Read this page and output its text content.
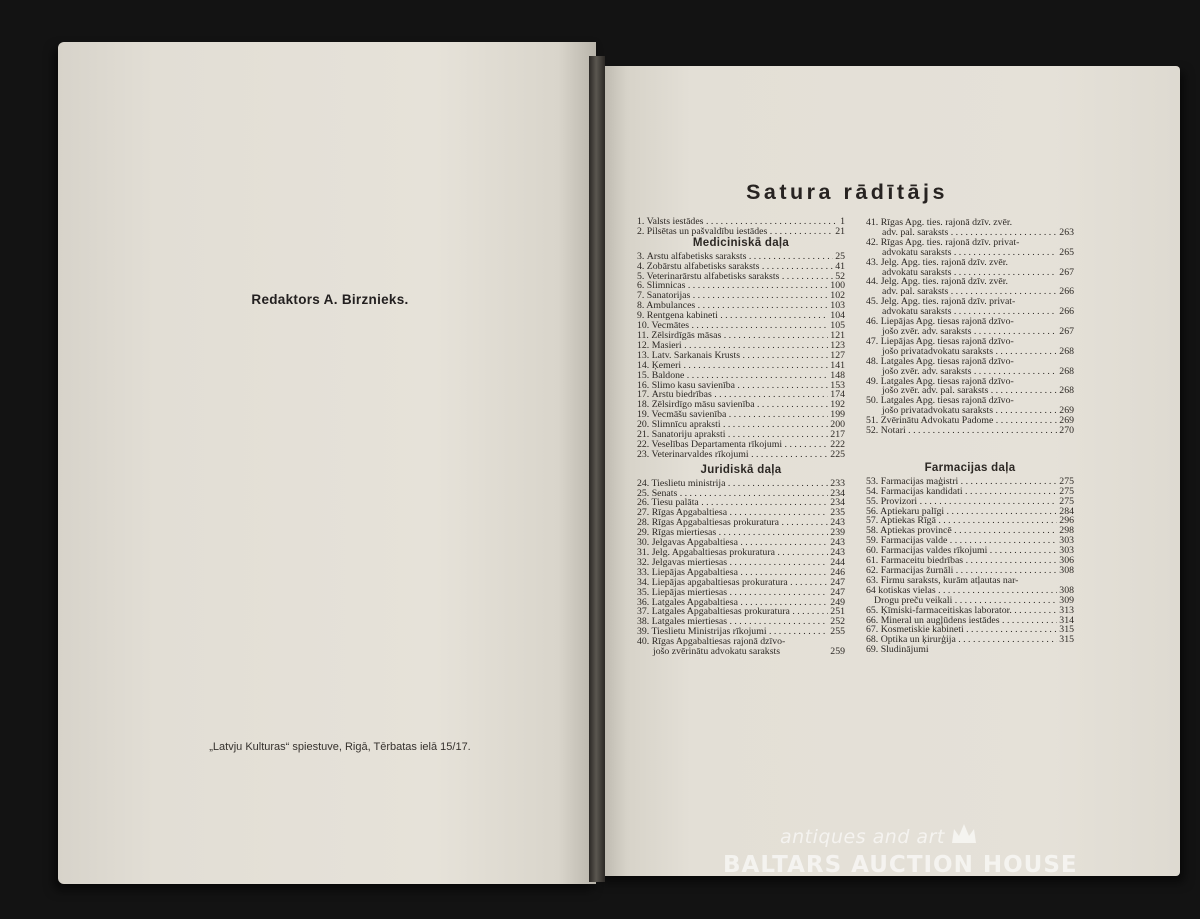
Redaktors A. Birznieks.
„Latvju Kulturas“ spiestuve, Rigā, Tērbatas ielā 15/17.
Satura rādītājs
1. Valsts iestādes . . .	1
2. Pilsētas un pašvaldību iestādes . . .	21
Mediciniskā daļa
3. Ārstu alfabetisks saraksts . . .	25
4. Zobārstu alfabetisks saraksts . . .	41
5. Veterinarārstu alfabetisks saraksts . . .	52
6. Slimnicas . . .	100
7. Sanatorijas . . .	102
8. Ambulances . . .	103
9. Rentgena kabineti . . .	104
10. Vecmātes . . .	105
11. Žēlsirdīgās māsas . . .	121
12. Masieri . . .	123
13. Latv. Sarkanais Krusts . . .	127
14. Ķemeri . . .	141
15. Baldone . . .	148
16. Slimo kasu savienība . . .	153
17. Ārstu biedrības . . .	174
18. Žēlsirdīgo māsu savienība . . .	192
19. Vecmāšu savienība . . .	199
20. Slimnīcu apraksti . . .	200
21. Sanatoriju apraksti . . .	217
22. Veselības Departamenta rīkojumi . . .	222
23. Veterinarvaldes rīkojumi . . .	225
Juridiskā daļa
24. Tieslietu ministrija . . .	233
25. Senats . . .	234
26. Tiesu palāta . . .	234
27. Rīgas Apgabaltiesa . . .	235
28. Rīgas Apgabaltiesas prokuratura . . .	243
29. Rīgas miertiesas . . .	239
30. Jelgavas Apgabaltiesa . . .	243
31. Jelg. Apgabaltiesas prokuratura . . .	243
32. Jelgavas miertiesas . . .	244
33. Liepājas Apgabaltiesa . . .	246
34. Liepājas apgabaltiesas prokuratura . . .	247
35. Liepājas miertiesas . . .	247
36. Latgales Apgabaltiesa . . .	249
37. Latgales Apgabaltiesas prokuratura . . .	251
38. Latgales miertiesas . . .	252
39. Tieslietu Ministrijas rīkojumi . . .	255
40. Rīgas Apgabaltiesas rajonā dzīvo-
jošo zvērinātu advokatu saraksts	259
41. Rīgas Apg. ties. rajonā dzīv. zvēr.
adv. pal. saraksts . . .	263
42. Rīgas Apg. ties. rajonā dzīv. privat-
advokatu saraksts . . .	265
43. Jelg. Apg. ties. rajonā dzīv. zvēr.
advokatu saraksts . . .	267
44. Jelg. Apg. ties. rajonā dzīv. zvēr.
adv. pal. saraksts . . .	266
45. Jelg. Apg. ties. rajonā dzīv. privat-
advokatu saraksts . . .	266
46. Liepājas Apg. tiesas rajonā dzīvo-
jošo zvēr. adv. saraksts . . .	267
47. Liepājas Apg. tiesas rajonā dzīvo-
jošo privatadvokatu saraksts . . .	268
48. Latgales Apg. tiesas rajonā dzīvo-
jošo zvēr. adv. saraksts . . .	268
49. Latgales Apg. tiesas rajonā dzīvo-
jošo zvēr. adv. pal. saraksts . . .	268
50. Latgales Apg. tiesas rajonā dzīvo-
jošo privatadvokatu saraksts . . .	269
51. Zvērinātu Advokatu Padome . . .	269
52. Notari . . .	270
Farmacijas daļa
53. Farmacijas maģistri . . .	275
54. Farmacijas kandidati . . .	275
55. Provizori . . .	275
56. Aptiekaru palīgi . . .	284
57. Aptiekas Rīgā . . .	296
58. Aptiekas provincē . . .	298
59. Farmacijas valde . . .	303
60. Farmacijas valdes rīkojumi . . .	303
61. Farmaceitu biedrības . . .	306
62. Farmacijas žurnāli . . .	308
63. Firmu saraksts, kurām atļautas nar-
64 kotiskas vielas . . .	308
Drogu preču veikali . . .	309
65. Ķīmiski-farmaceitiskas laborator. . . .	313
66. Mineral un augļūdens iestādes . . .	314
67. Kosmetiskie kabineti . . .	315
68. Optika un ķirurģija . . .	315
69. Sludinājumi
antiques and art
BALTARS AUCTION HOUSE
